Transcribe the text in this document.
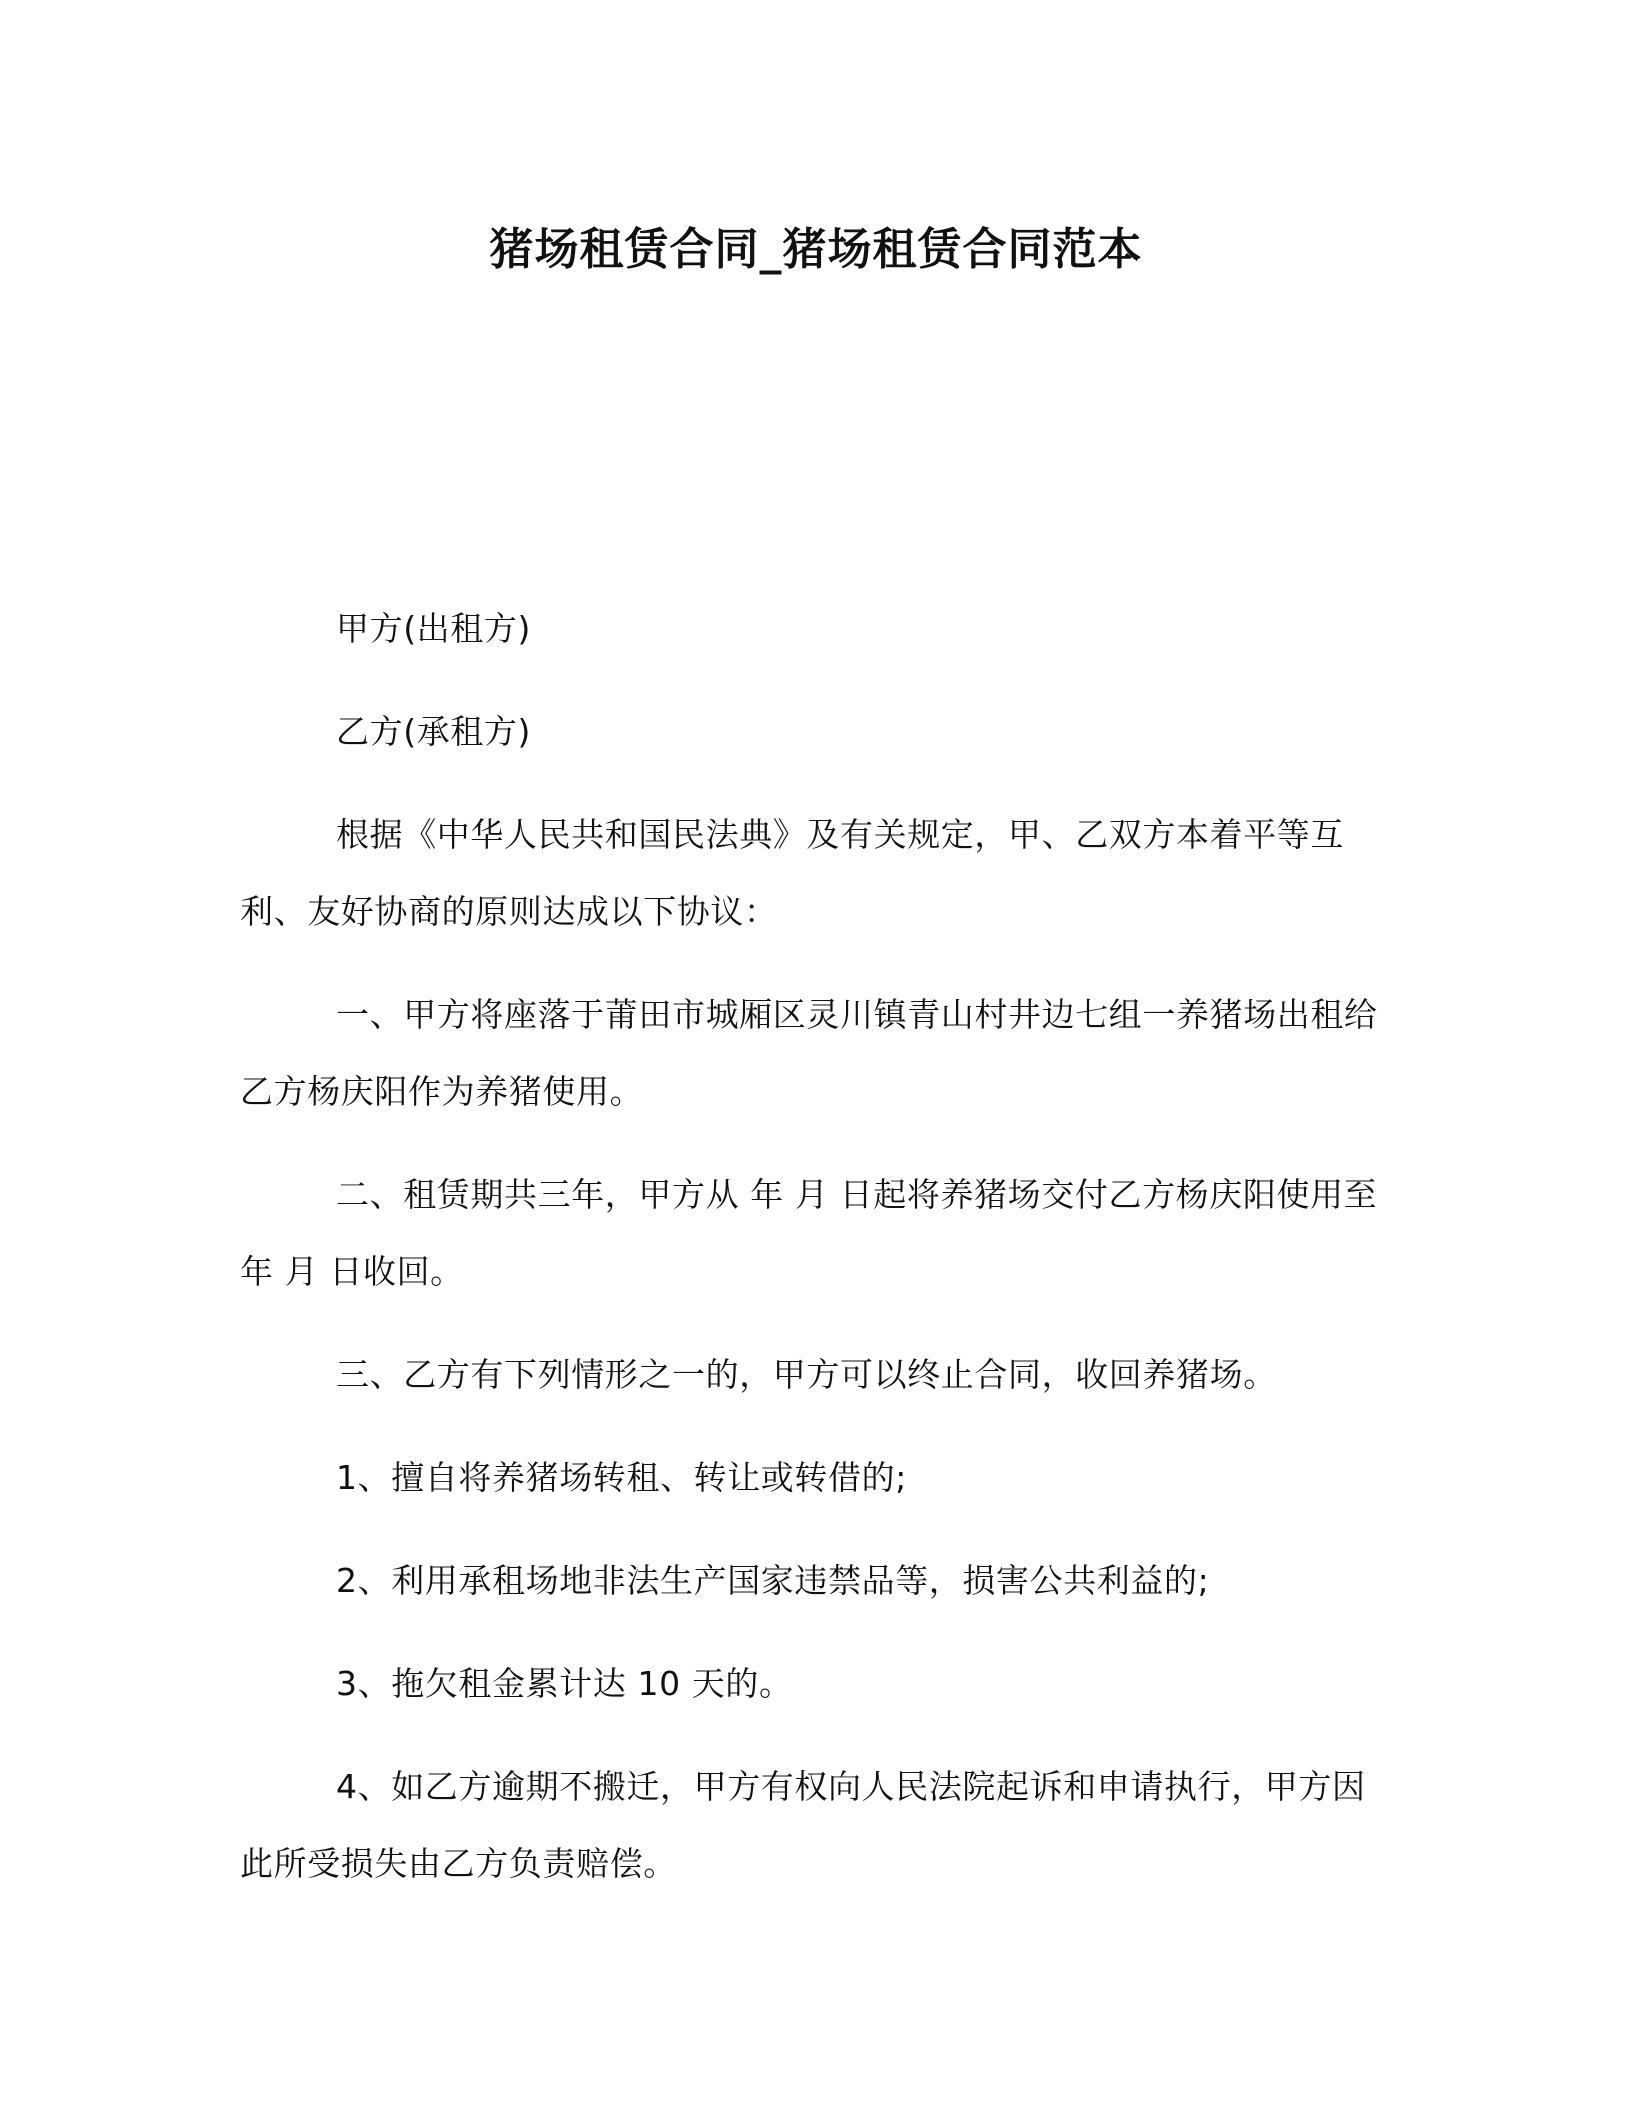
猪场租赁合同_猪场租赁合同范本

甲方(出租方)

乙方(承租方)

根据《中华人民共和国民法典》及有关规定，甲、乙双方本着平等互利、友好协商的原则达成以下协议：

一、甲方将座落于莆田市城厢区灵川镇青山村井边七组一养猪场出租给乙方杨庆阳作为养猪使用。

二、租赁期共三年，甲方从 年 月 日起将养猪场交付乙方杨庆阳使用至 年 月 日收回。

三、乙方有下列情形之一的，甲方可以终止合同，收回养猪场。

1、擅自将养猪场转租、转让或转借的;

2、利用承租场地非法生产国家违禁品等，损害公共利益的;

3、拖欠租金累计达 10 天的。

4、如乙方逾期不搬迁，甲方有权向人民法院起诉和申请执行，甲方因此所受损失由乙方负责赔偿。
